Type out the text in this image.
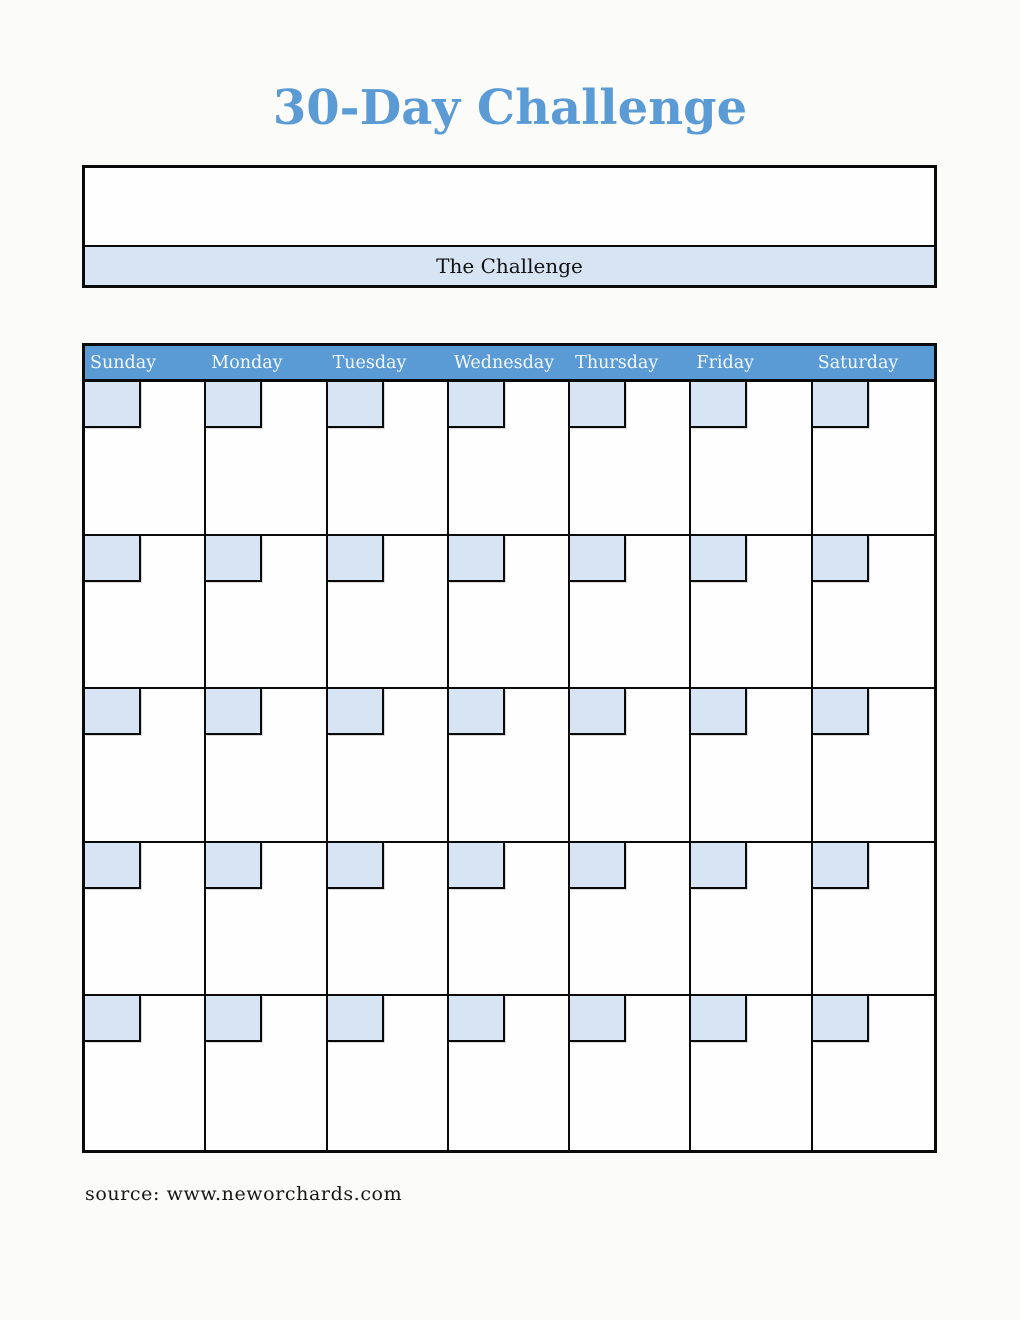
30-Day Challenge
The Challenge
Sunday	Monday	Tuesday	Wednesday	Thursday	Friday	Saturday
source: www.neworchards.com
